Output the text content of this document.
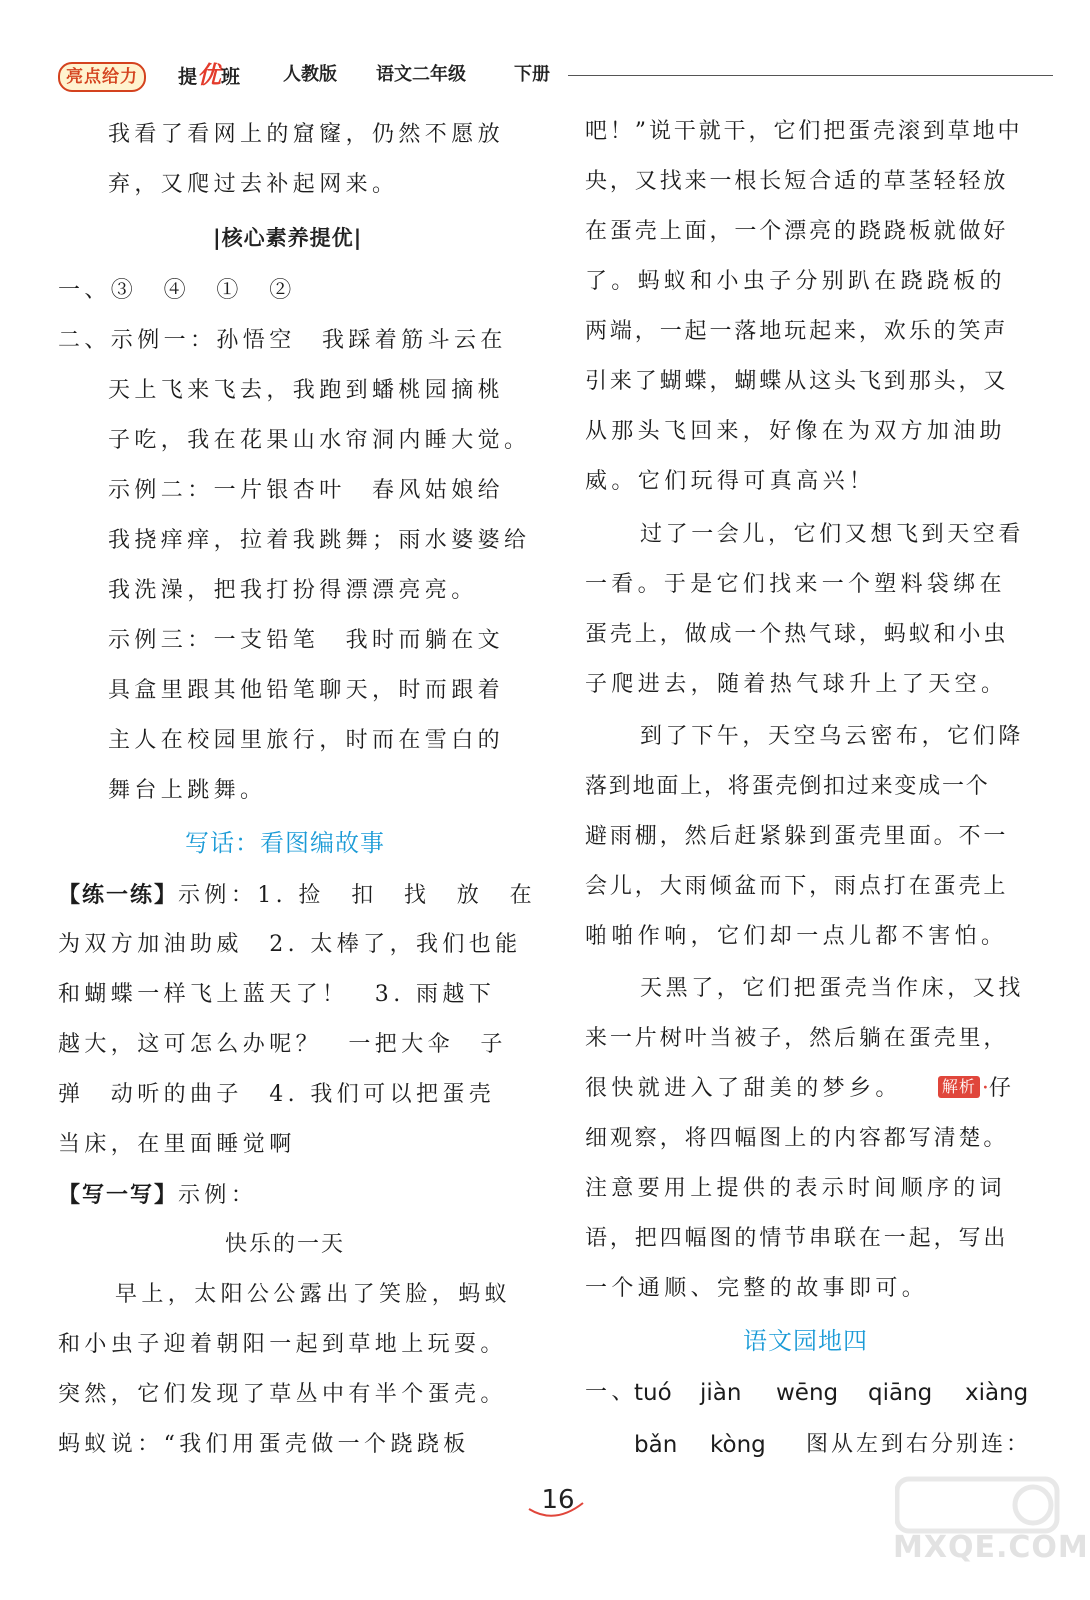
亮点给力	提优班 人教版 语文二年级	下册
我看了看网上的窟窿，仍然不愿放
弃，又爬过去补起网来。
|核心素养提优|
一、③　④　①　②
二、示例一：孙悟空　我踩着筋斗云在
天上飞来飞去，我跑到蟠桃园摘桃
子吃，我在花果山水帘洞内睡大觉。
示例二：一片银杏叶　春风姑娘给
我挠痒痒，拉着我跳舞；雨水婆婆给
我洗澡，把我打扮得漂漂亮亮。
示例三：一支铅笔　我时而躺在文
具盒里跟其他铅笔聊天，时而跟着
主人在校园里旅行，时而在雪白的
舞台上跳舞。
写话：看图编故事
【练一练】示例：1. 捡　扣　找　放　在
为双方加油助威　2. 太棒了，我们也能
和蝴蝶一样飞上蓝天了！　3. 雨越下
越大，这可怎么办呢？　一把大伞　子
弹　动听的曲子　4. 我们可以把蛋壳
当床，在里面睡觉啊
【写一写】示例：
快乐的一天
早上，太阳公公露出了笑脸，蚂蚁
和小虫子迎着朝阳一起到草地上玩耍。
突然，它们发现了草丛中有半个蛋壳。
蚂蚁说：“我们用蛋壳做一个跷跷板
吧！”说干就干，它们把蛋壳滚到草地中
央，又找来一根长短合适的草茎轻轻放
在蛋壳上面，一个漂亮的跷跷板就做好
了。蚂蚁和小虫子分别趴在跷跷板的
两端，一起一落地玩起来，欢乐的笑声
引来了蝴蝶，蝴蝶从这头飞到那头，又
从那头飞回来，好像在为双方加油助
威。它们玩得可真高兴！
过了一会儿，它们又想飞到天空看
一看。于是它们找来一个塑料袋绑在
蛋壳上，做成一个热气球，蚂蚁和小虫
子爬进去，随着热气球升上了天空。
到了下午，天空乌云密布，它们降
落到地面上，将蛋壳倒扣过来变成一个
避雨棚，然后赶紧躲到蛋壳里面。不一
会儿，大雨倾盆而下，雨点打在蛋壳上
啪啪作响，它们却一点儿都不害怕。
天黑了，它们把蛋壳当作床，又找
来一片树叶当被子，然后躺在蛋壳里，
很快就进入了甜美的梦乡。	解析 ·仔
细观察，将四幅图上的内容都写清楚。
注意要用上提供的表示时间顺序的词
语，把四幅图的情节串联在一起，写出
一个通顺、完整的故事即可。
语文园地四
一、
tuó jiàn wēng qiāng xiàng
bǎn kòng 图从左到右分别连：
16
MXQE.COM
